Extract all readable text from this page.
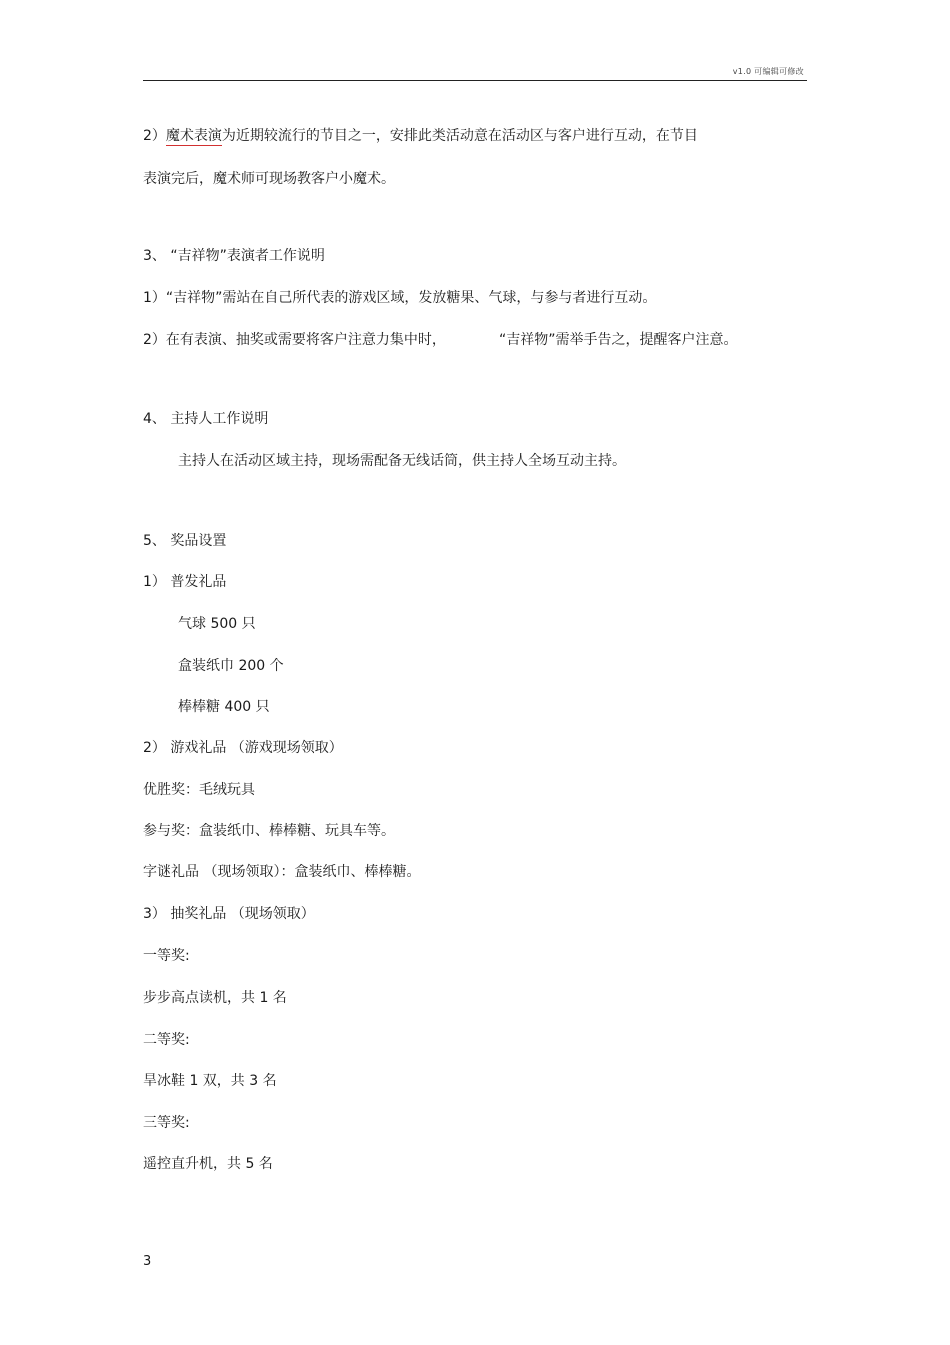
v1.0 可编辑可修改
2）魔术表演为近期较流行的节目之一，安排此类活动意在活动区与客户进行互动，在节目
表演完后，魔术师可现场教客户小魔术。
3、 “吉祥物”表演者工作说明
1）“吉祥物”需站在自己所代表的游戏区域，发放糖果、气球，与参与者进行互动。
2）在有表演、抽奖或需要将客户注意力集中时，	“吉祥物”需举手告之，提醒客户注意。
4、 主持人工作说明
主持人在活动区域主持，现场需配备无线话筒，供主持人全场互动主持。
5、 奖品设置
1） 普发礼品
气球 500 只
盒装纸巾 200 个
棒棒糖 400 只
2） 游戏礼品 （游戏现场领取）
优胜奖：毛绒玩具
参与奖：盒装纸巾、棒棒糖、玩具车等。
字谜礼品 （现场领取）：盒装纸巾、棒棒糖。
3） 抽奖礼品 （现场领取）
一等奖:
步步高点读机，共 1 名
二等奖:
旱冰鞋 1 双，共 3 名
三等奖:
遥控直升机，共 5 名
3
